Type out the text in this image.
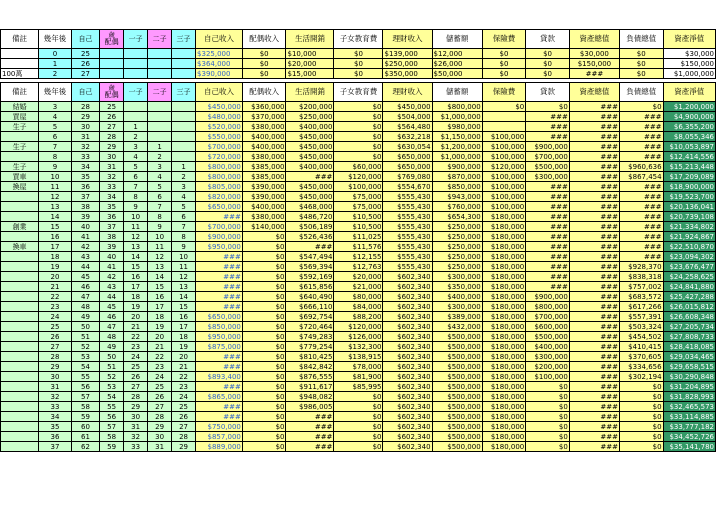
備註	幾年後	自己	歲
配偶	一子	二子	三子	自己收入	配偶收入	生活開銷	子女教育費	理財收入	儲蓄額	保險費	貸款	資產總值	負債總值	資產淨值
	0	25					$325,000	$0	$10,000	$0	$139,000	$12,000	$0	$0	$30,000	$0	$30,000
	1	26					$364,000	$0	$20,000	$0	$250,000	$26,000	$0	$0	$150,000	$0	$150,000
100萬	2	27					$390,000	$0	$15,000	$0	$350,000	$50,000	$0	$0	###	$0	$1,000,000

備註	幾年後	自己	歲
配偶	一子	二子	三子	自己收入	配偶收入	生活開銷	子女教育費	理財收入	儲蓄額	保險費	貸款	資產總值	負債總值	資產淨值
結婚	3	28	25				$450,000	$360,000	$200,000	$0	$450,000	$800,000	$0	$0	###	$0	$1,200,000
買屋	4	29	26				$480,000	$370,000	$250,000	$0	$504,000	$1,000,000		###	###	###	$4,900,000
生子	5	30	27	1			$520,000	$380,000	$400,000	$0	$564,480	$980,000		###	###	###	$6,355,200
	6	31	28	2			$550,000	$400,000	$450,000	$0	$632,218	$1,150,000	$100,000	###	###	###	$8,055,346
生子	7	32	29	3	1		$700,000	$400,000	$450,000	$0	$630,054	$1,200,000	$100,000	$900,000	###	###	$10,053,897
	8	33	30	4	2		$720,000	$380,000	$450,000	$0	$650,000	$1,000,000	$100,000	$700,000	###	###	$12,414,556
生子	9	34	31	5	3	1	$800,000	$385,000	$400,000	$60,000	$650,000	$900,000	$120,000	$500,000	###	$960,636	$15,213,448
買車	10	35	32	6	4	2	$800,000	$385,000	###	$120,000	$769,080	$870,000	$100,000	$300,000	###	$867,454	$17,209,089
換屋	11	36	33	7	5	3	$805,000	$390,000	$450,000	$100,000	$554,670	$850,000	$100,000	###	###	###	$18,900,000
	12	37	34	8	6	4	$820,000	$390,000	$450,000	$75,000	$555,430	$943,000	$100,000	###	###	###	$19,523,700
	13	38	35	9	7	5	$650,000	$400,000	$468,000	$75,000	$555,430	$760,000	$100,000	###	###	###	$20,136,041
	14	39	36	10	8	6	###	$380,000	$486,720	$10,500	$555,430	$654,300	$180,000	###	###	###	$20,739,108
創業	15	40	37	11	9	7	$700,000	$140,000	$506,189	$10,500	$555,430	$250,000	$180,000	###	###	###	$21,334,802
	16	41	38	12	10	8	$900,000	$0	$526,436	$11,025	$555,430	$250,000	$180,000	###	###	###	$21,924,867
換車	17	42	39	13	11	9	$950,000	$0	###	$11,576	$555,430	$250,000	$180,000	###	###	###	$22,510,870
	18	43	40	14	12	10	###	$0	$547,494	$12,155	$555,430	$250,000	$180,000	###	###	###	$23,094,302
	19	44	41	15	13	11	###	$0	$569,394	$12,763	$555,430	$250,000	$180,000	###	###	$928,370	$23,676,477
	20	45	42	16	14	12	###	$0	$592,169	$20,000	$602,340	$300,000	$180,000	###	###	$838,318	$24,258,625
	21	46	43	17	15	13	###	$0	$615,856	$21,000	$602,340	$350,000	$180,000	###	###	$757,002	$24,841,880
	22	47	44	18	16	14	###	$0	$640,490	$80,000	$602,340	$400,000	$180,000	$900,000	###	$683,572	$25,427,288
	23	48	45	19	17	15	###	$0	$666,110	$84,000	$602,340	$300,000	$180,000	$800,000	###	$617,266	$26,015,812
	24	49	46	20	18	16	$650,000	$0	$692,754	$88,200	$602,340	$389,000	$180,000	$700,000	###	$557,391	$26,608,348
	25	50	47	21	19	17	$850,000	$0	$720,464	$120,000	$602,340	$432,000	$180,000	$600,000	###	$503,324	$27,205,734
	26	51	48	22	20	18	$950,000	$0	$749,283	$126,000	$602,340	$500,000	$180,000	$500,000	###	$454,502	$27,808,733
	27	52	49	23	21	19	$875,000	$0	$779,254	$132,300	$602,340	$500,000	$180,000	$400,000	###	$410,415	$28,418,085
	28	53	50	24	22	20	###	$0	$810,425	$138,915	$602,340	$500,000	$180,000	$300,000	###	$370,605	$29,034,465
	29	54	51	25	23	21	###	$0	$842,842	$78,000	$602,340	$500,000	$180,000	$200,000	###	$334,656	$29,658,515
	30	55	52	26	24	22	$893,400	$0	$876,555	$81,900	$602,340	$500,000	$180,000	$100,000	###	$302,194	$30,290,848
	31	56	53	27	25	23	###	$0	$911,617	$85,995	$602,340	$500,000	$180,000	$0	###	$0	$31,204,895
	32	57	54	28	26	24	$865,000	$0	$948,082	$0	$602,340	$500,000	$180,000	$0	###	$0	$31,828,993
	33	58	55	29	27	25	###	$0	$986,005	$0	$602,340	$500,000	$180,000	$0	###	$0	$32,465,573
	34	59	56	30	28	26	###	$0	###	$0	$602,340	$500,000	$180,000	$0	###	$0	$33,114,885
	35	60	57	31	29	27	$750,000	$0	###	$0	$602,340	$500,000	$180,000	$0	###	$0	$33,777,182
	36	61	58	32	30	28	$857,000	$0	###	$0	$602,340	$500,000	$180,000	$0	###	$0	$34,452,726
	37	62	59	33	31	29	$889,000	$0	###	$0	$602,340	$500,000	$180,000	$0	###	$0	$35,141,780
